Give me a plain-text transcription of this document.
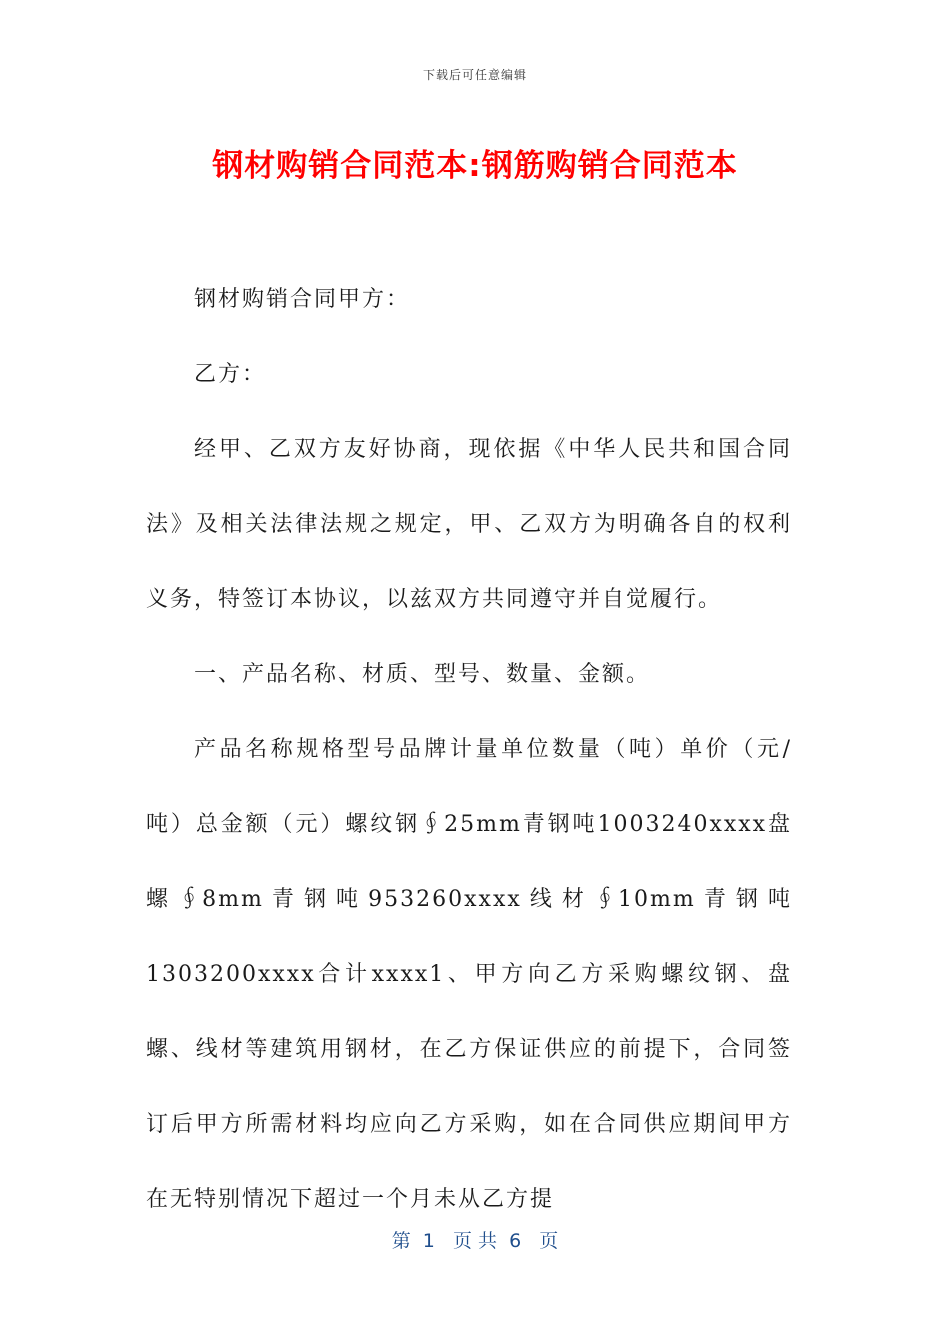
下载后可任意编辑
钢材购销合同范本:钢筋购销合同范本

钢材购销合同甲方：

乙方：

经甲、乙双方友好协商，现依据《中华人民共和国合同法》及相关法律法规之规定，甲、乙双方为明确各自的权利义务，特签订本协议，以兹双方共同遵守并自觉履行。

一、产品名称、材质、型号、数量、金额。

产品名称规格型号品牌计量单位数量（吨）单价（元/吨）总金额（元）螺纹钢∮25mm青钢吨1003240xxxx盘螺∮8mm青钢吨953260xxxx线材∮10mm青钢吨1303200xxxx合计xxxx1、甲方向乙方采购螺纹钢、盘螺、线材等建筑用钢材，在乙方保证供应的前提下，合同签订后甲方所需材料均应向乙方采购，如在合同供应期间甲方在无特别情况下超过一个月未从乙方提

第  1   页 共  6   页
